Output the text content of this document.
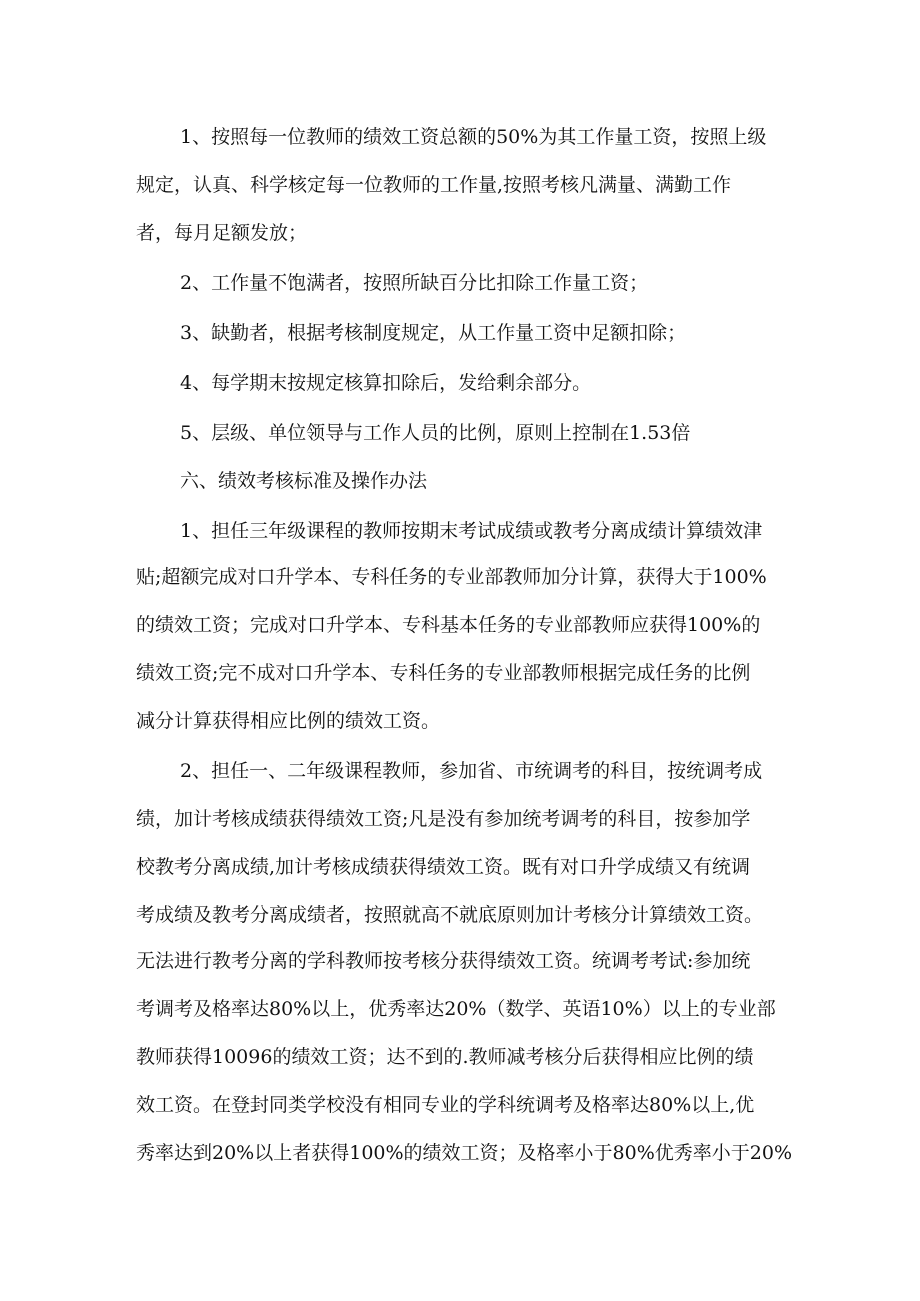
1、按照每一位教师的绩效工资总额的50%为其工作量工资，按照上级
规定，认真、科学核定每一位教师的工作量,按照考核凡满量、满勤工作
者，每月足额发放；
2、工作量不饱满者，按照所缺百分比扣除工作量工资；
3、缺勤者，根据考核制度规定，从工作量工资中足额扣除；
4、每学期末按规定核算扣除后，发给剩余部分。
5、层级、单位领导与工作人员的比例，原则上控制在1.53倍
六、绩效考核标准及操作办法
1、担任三年级课程的教师按期末考试成绩或教考分离成绩计算绩效津
贴;超额完成对口升学本、专科任务的专业部教师加分计算，获得大于100%
的绩效工资；完成对口升学本、专科基本任务的专业部教师应获得100%的
绩效工资;完不成对口升学本、专科任务的专业部教师根据完成任务的比例
减分计算获得相应比例的绩效工资。
2、担任一、二年级课程教师，参加省、市统调考的科目，按统调考成
绩，加计考核成绩获得绩效工资;凡是没有参加统考调考的科目，按参加学
校教考分离成绩,加计考核成绩获得绩效工资。既有对口升学成绩又有统调
考成绩及教考分离成绩者，按照就高不就底原则加计考核分计算绩效工资。
无法进行教考分离的学科教师按考核分获得绩效工资。统调考考试:参加统
考调考及格率达80%以上，优秀率达20%（数学、英语10%）以上的专业部
教师获得10096的绩效工资；达不到的.教师减考核分后获得相应比例的绩
效工资。在登封同类学校没有相同专业的学科统调考及格率达80%以上,优
秀率达到20%以上者获得100%的绩效工资；及格率小于80%优秀率小于20%
